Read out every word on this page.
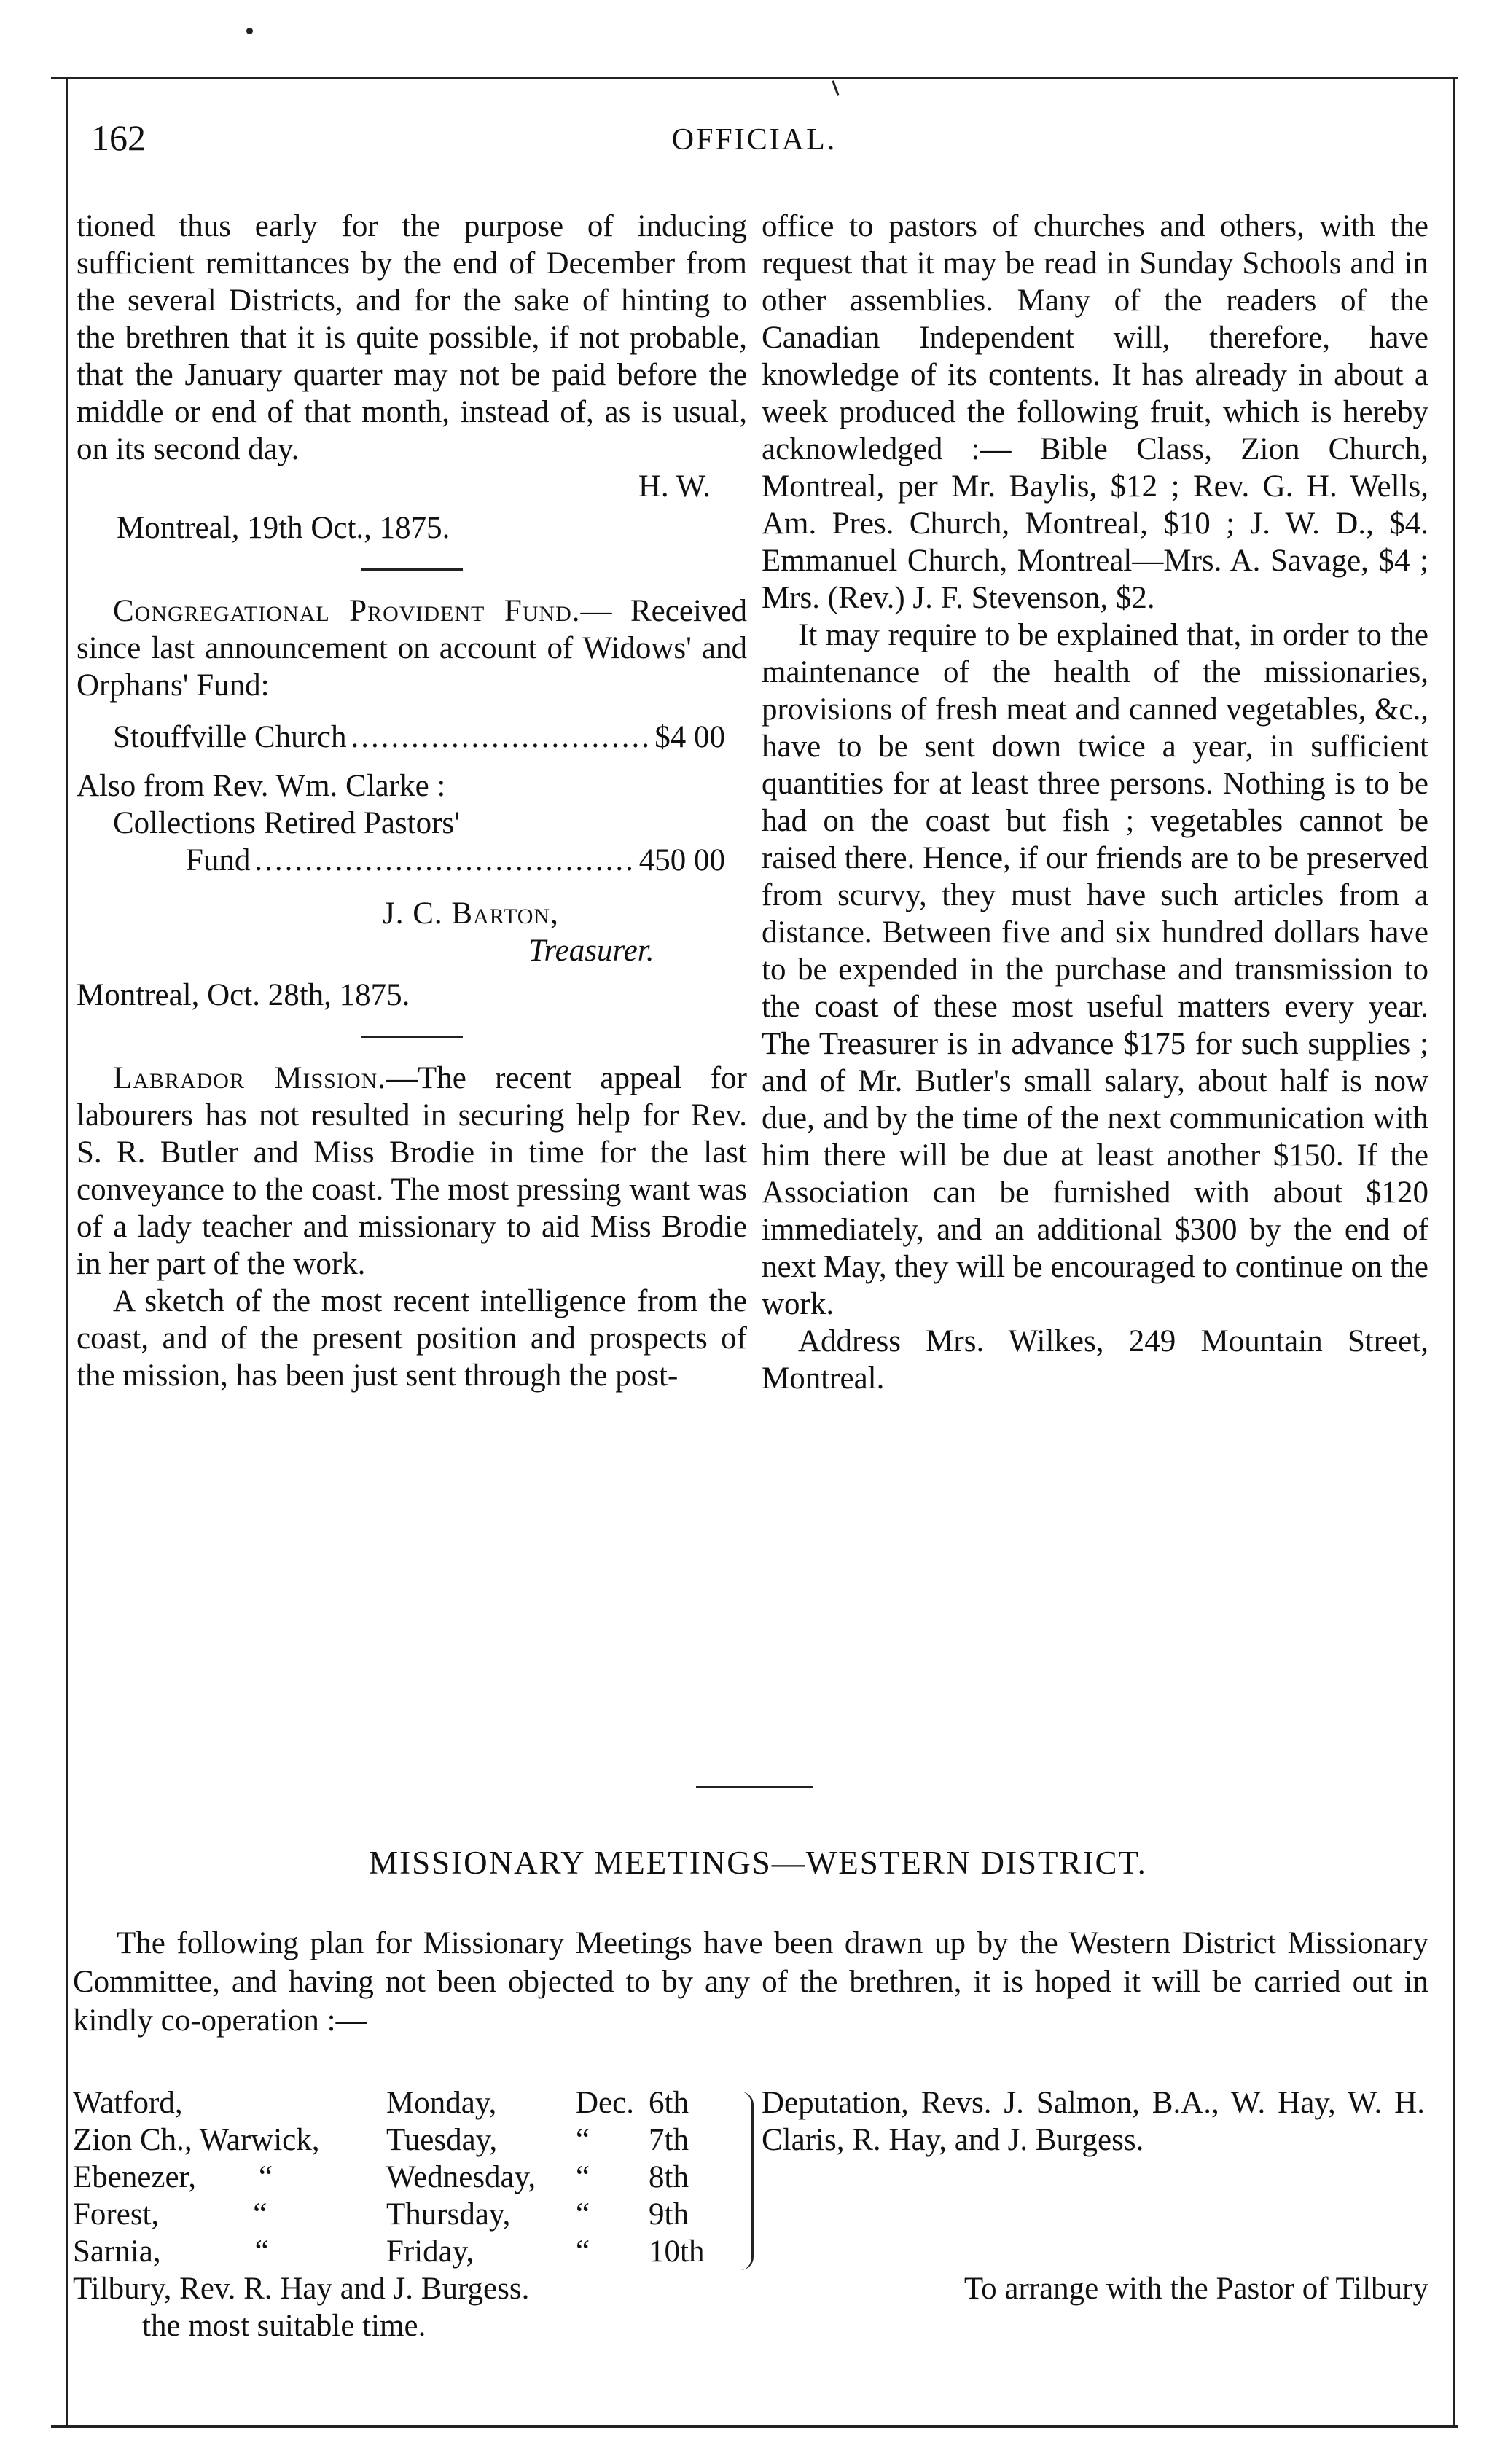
162	OFFICIAL.

tioned thus early for the purpose of inducing sufficient remittances by the end of December from the several Districts, and for the sake of hinting to the brethren that it is quite possible, if not probable, that the January quarter may not be paid before the middle or end of that month, instead of, as is usual, on its second day.

H. W.

Montreal, 19th Oct., 1875.

Congregational Provident Fund.— Received since last announcement on account of Widows' and Orphans' Fund:

Stouffville Church .....	$4 00

Also from Rev. Wm. Clarke :

Collections Retired Pastors'

Fund .....	450 00

J. C. Barton,

Treasurer.

Montreal, Oct. 28th, 1875.

Labrador Mission.—The recent appeal for labourers has not resulted in securing help for Rev. S. R. Butler and Miss Brodie in time for the last conveyance to the coast. The most pressing want was of a lady teacher and missionary to aid Miss Brodie in her part of the work.

A sketch of the most recent intelligence from the coast, and of the present position and prospects of the mission, has been just sent through the post-

office to pastors of churches and others, with the request that it may be read in Sunday Schools and in other assemblies. Many of the readers of the Canadian Independent will, therefore, have knowledge of its contents. It has already in about a week produced the following fruit, which is hereby acknowledged :— Bible Class, Zion Church, Montreal, per Mr. Baylis, $12 ; Rev. G. H. Wells, Am. Pres. Church, Montreal, $10 ; J. W. D., $4. Emmanuel Church, Montreal—Mrs. A. Savage, $4 ; Mrs. (Rev.) J. F. Stevenson, $2.

It may require to be explained that, in order to the maintenance of the health of the missionaries, provisions of fresh meat and canned vegetables, &c., have to be sent down twice a year, in sufficient quantities for at least three persons. Nothing is to be had on the coast but fish ; vegetables cannot be raised there. Hence, if our friends are to be preserved from scurvy, they must have such articles from a distance. Between five and six hundred dollars have to be expended in the purchase and transmission to the coast of these most useful matters every year. The Treasurer is in advance $175 for such supplies ; and of Mr. Butler's small salary, about half is now due, and by the time of the next communication with him there will be due at least another $150. If the Association can be furnished with about $120 immediately, and an additional $300 by the end of next May, they will be encouraged to continue on the work.

Address Mrs. Wilkes, 249 Mountain Street, Montreal.

MISSIONARY MEETINGS—WESTERN DISTRICT.

The following plan for Missionary Meetings have been drawn up by the Western District Missionary Committee, and having not been objected to by any of the brethren, it is hoped it will be carried out in kindly co-operation :—

Watford,	Monday,	Dec. 6th
Zion Ch., Warwick, Tuesday,	“ 7th
Ebenezer,        “	Wednesday, “ 8th
Forest,            “	Thursday, “ 9th
Sarnia,            “	Friday,	“ 10th

Deputation, Revs. J. Salmon, B.A., W. Hay, W. H. Claris, R. Hay, and J. Burgess.

Tilbury, Rev. R. Hay and J. Burgess.	To arrange with the Pastor of Tilbury
the most suitable time.
